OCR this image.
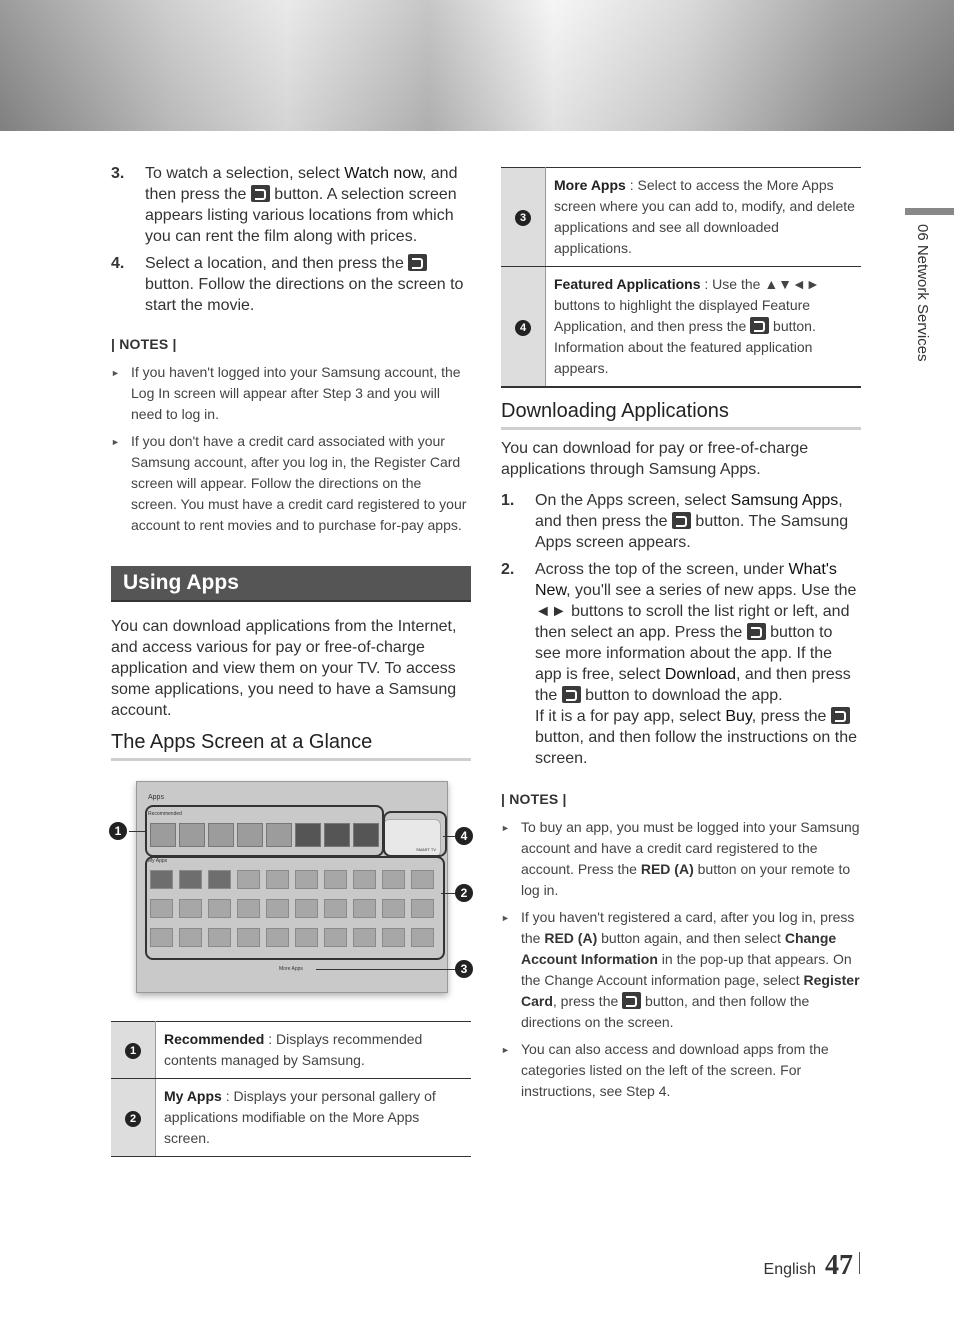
3.	To watch a selection, select Watch now, and then press the  button. A selection screen appears listing various locations from which you can rent the film along with prices.
4.	Select a location, and then press the  button. Follow the directions on the screen to start the movie.
| NOTES |
► If you haven't logged into your Samsung account, the Log In screen will appear after Step 3 and you will need to log in.
► If you don't have a credit card associated with your Samsung account, after you log in, the Register Card screen will appear. Follow the directions on the screen. You must have a credit card registered to your account to rent movies and to purchase for-pay apps.
Using Apps
You can download applications from the Internet, and access various for pay or free-of-charge application and view them on your TV. To access some applications, you need to have a Samsung account.
The Apps Screen at a Glance
Apps
Recommended
SMART TV
My Apps
More Apps
1	4
2
3
1	Recommended : Displays recommended contents managed by Samsung.
2	My Apps : Displays your personal gallery of applications modifiable on the More Apps screen.
3	More Apps : Select to access the More Apps screen where you can add to, modify, and delete applications and see all downloaded applications.
4	Featured Applications : Use the ▲▼◄► buttons to highlight the displayed Feature Application, and then press the  button. Information about the featured application appears.
Downloading Applications
You can download for pay or free-of-charge applications through Samsung Apps.
1.	On the Apps screen, select Samsung Apps, and then press the  button. The Samsung Apps screen appears.
2.	Across the top of the screen, under What's New, you'll see a series of new apps. Use the ◄► buttons to scroll the list right or left, and then select an app. Press the  button to see more information about the app. If the app is free, select Download, and then press the  button to download the app.
If it is a for pay app, select Buy, press the  button, and then follow the instructions on the screen.
| NOTES |
► To buy an app, you must be logged into your Samsung account and have a credit card registered to the account. Press the RED (A) button on your remote to log in.
► If you haven't registered a card, after you log in, press the RED (A) button again, and then select Change Account Information in the pop-up that appears. On the Change Account information page, select Register Card, press the  button, and then follow the directions on the screen.
► You can also access and download apps from the categories listed on the left of the screen. For instructions, see Step 4.
06 Network Services
English 47
